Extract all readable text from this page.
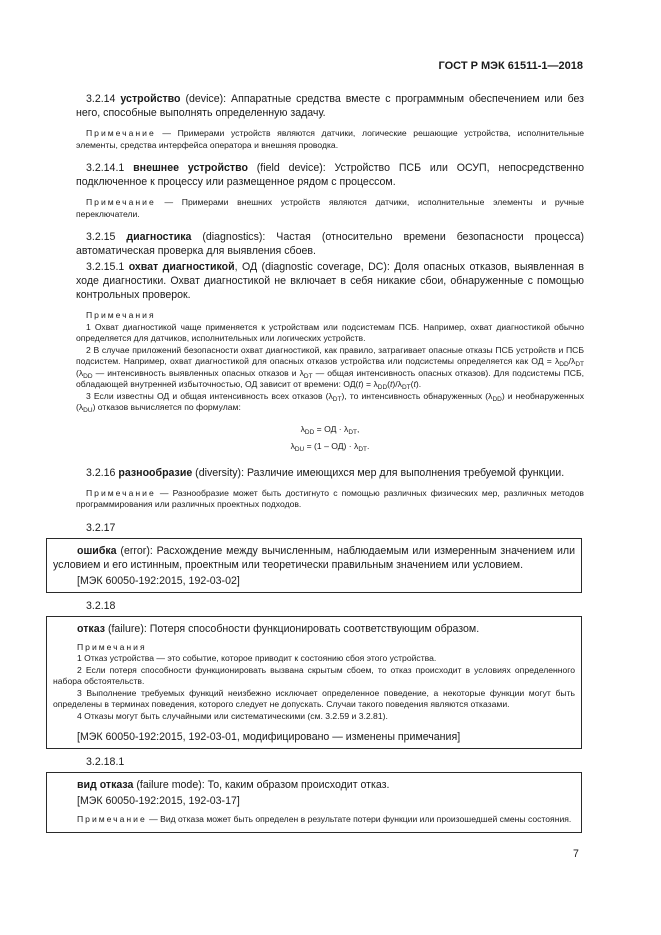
ГОСТ Р МЭК 61511-1—2018

3.2.14 устройство (device): Аппаратные средства вместе с программным обеспечением или без него, способные выполнять определенную задачу.

Примечание — Примерами устройств являются датчики, логические решающие устройства, исполнительные элементы, средства интерфейса оператора и внешняя проводка.

3.2.14.1 внешнее устройство (field device): Устройство ПСБ или ОСУП, непосредственно подключенное к процессу или размещенное рядом с процессом.

Примечание — Примерами внешних устройств являются датчики, исполнительные элементы и ручные переключатели.

3.2.15 диагностика (diagnostics): Частая (относительно времени безопасности процесса) автоматическая проверка для выявления сбоев.

3.2.15.1 охват диагностикой, ОД (diagnostic coverage, DC): Доля опасных отказов, выявленная в ходе диагностики. Охват диагностикой не включает в себя никакие сбои, обнаруженные с помощью контрольных проверок.

Примечания

1 Охват диагностикой чаще применяется к устройствам или подсистемам ПСБ. Например, охват диагностикой обычно определяется для датчиков, исполнительных или логических устройств.

2 В случае приложений безопасности охват диагностикой, как правило, затрагивает опасные отказы ПСБ устройств и ПСБ подсистем. Например, охват диагностикой для опасных отказов устройства или подсистемы определяется как ОД = $\lambda_{DD}/\lambda_{DT}$ ($\lambda_{DD}$ — интенсивность выявленных опасных отказов и $\lambda_{DT}$ — общая интенсивность опасных отказов). Для подсистемы ПСБ, обладающей внутренней избыточностью, ОД зависит от времени: $ОД(t) = \lambda_{DD}(t)/\lambda_{DT}(t)$.

3 Если известны ОД и общая интенсивность всех отказов $(\lambda_{DT})$, то интенсивность обнаруженных $(\lambda_{DD})$ и необнаруженных $(\lambda_{DU})$ отказов вычисляется по формулам:

$\lambda_{DD}$ = ОД · $\lambda_{DT}$,

$\lambda_{DU} = (1 - ОД) \cdot \lambda_{DT}$.

3.2.16 разнообразие (diversity): Различие имеющихся мер для выполнения требуемой функции.

Примечание — Разнообразие может быть достигнуто с помощью различных физических мер, различных методов программирования или различных проектных подходов.

3.2.17

ошибка (error): Расхождение между вычисленным, наблюдаемым или измеренным значением или условием и его истинным, проектным или теоретически правильным значением или условием.

[МЭК 60050-192:2015, 192-03-02]

3.2.18

отказ (failure): Потеря способности функционировать соответствующим образом.

Примечания

1 Отказ устройства — это событие, которое приводит к состоянию сбоя этого устройства.

2 Если потеря способности функционировать вызвана скрытым сбоем, то отказ происходит в условиях определенного набора обстоятельств.

3 Выполнение требуемых функций неизбежно исключает определенное поведение, а некоторые функции могут быть определены в терминах поведения, которого следует не допускать. Случаи такого поведения являются отказами.

4 Отказы могут быть случайными или систематическими (см. 3.2.59 и 3.2.81).

[МЭК 60050-192:2015, 192-03-01, модифицировано — изменены примечания]

3.2.18.1

вид отказа (failure mode): То, каким образом происходит отказ.

[МЭК 60050-192:2015, 192-03-17]

Примечание — Вид отказа может быть определен в результате потери функции или произошедшей смены состояния.

7
